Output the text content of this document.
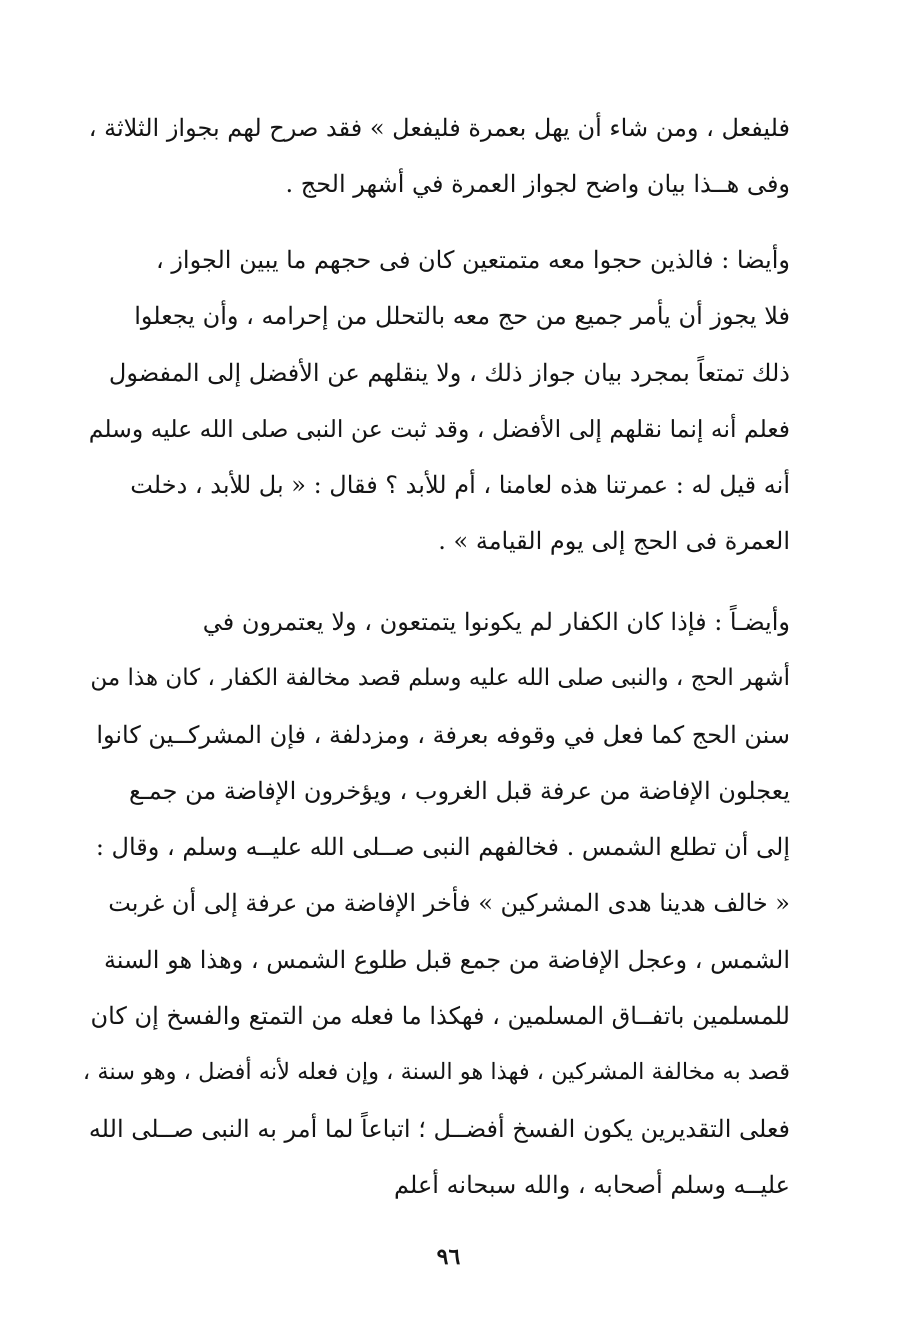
فليفعل ، ومن شاء أن يهل بعمرة فليفعل » فقد صرح لهم بجواز الثلاثة ،
وفى هــذا بيان واضح لجواز العمرة في أشهر الحج .
وأيضا : فالذين حجوا معه متمتعين كان فى حجهم ما يبين الجواز ،
فلا يجوز أن يأمر جميع من حج معه بالتحلل من إحرامه ، وأن يجعلوا
ذلك تمتعاً بمجرد بيان جواز ذلك ، ولا ينقلهم عن الأفضل إلى المفضول
فعلم أنه إنما نقلهم إلى الأفضل ، وقد ثبت عن النبى صلى الله عليه وسلم
أنه قيل له : عمرتنا هذه لعامنا ، أم للأبد ؟ فقال : « بل للأبد ، دخلت
العمرة فى الحج إلى يوم القيامة » .
وأيضـاً : فإذا كان الكفار لم يكونوا يتمتعون ، ولا يعتمرون في
أشهر الحج ، والنبى صلى الله عليه وسلم قصد مخالفة الكفار ، كان هذا من
سنن الحج كما فعل في وقوفه بعرفة ، ومزدلفة ، فإن المشركــين كانوا
يعجلون الإفاضة من عرفة قبل الغروب ، ويؤخرون الإفاضة من جمـع
إلى أن تطلع الشمس . فخالفهم النبى صــلى الله عليــه وسلم ، وقال :
« خالف هدينا هدى المشركين » فأخر الإفاضة من عرفة إلى أن غربت
الشمس ، وعجل الإفاضة من جمع قبل طلوع الشمس ، وهذا هو السنة
للمسلمين باتفــاق المسلمين ، فهكذا ما فعله من التمتع والفسخ إن كان
قصد به مخالفة المشركين ، فهذا هو السنة ، وإن فعله لأنه أفضل ، وهو سنة ،
فعلى التقديرين يكون الفسخ أفضــل ؛ اتباعاً لما أمر به النبى صــلى الله
عليــه وسلم أصحابه ، والله سبحانه أعلم
٩٦
